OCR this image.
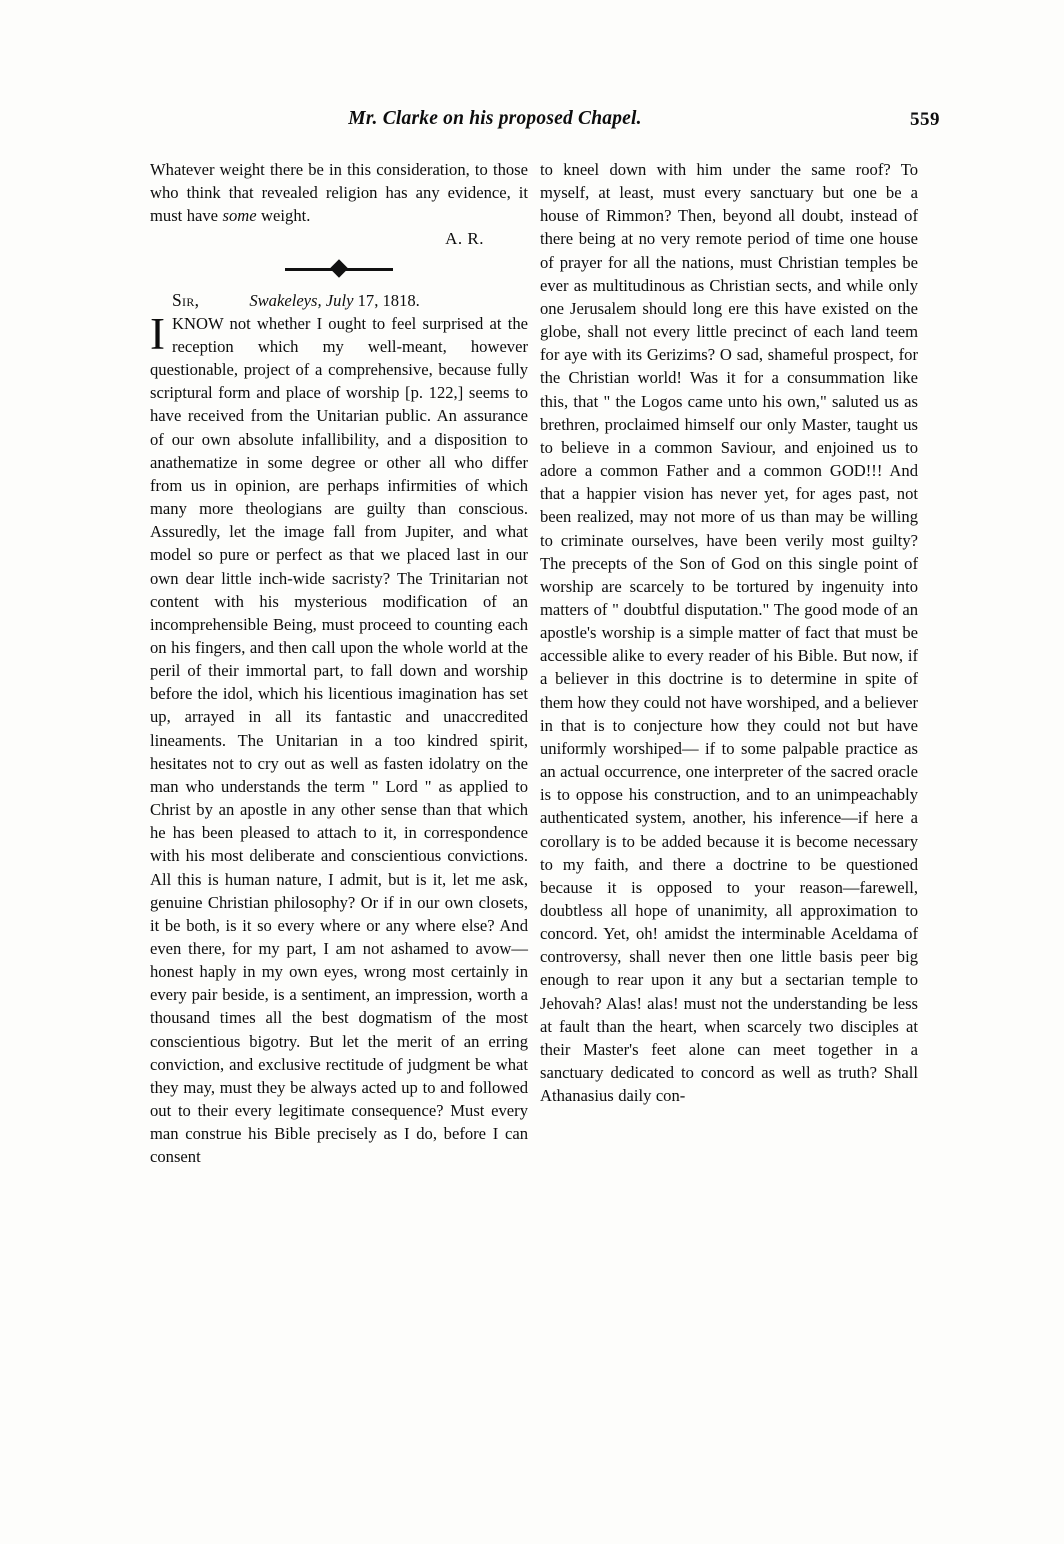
Mr. Clarke on his proposed Chapel.	559

Whatever weight there be in this consideration, to those who think that revealed religion has any evidence, it must have some weight.

A. R.

Sir,	Swakeleys, July
17, 1818.
I KNOW not whether I ought to feel surprised at the reception which my well-meant, however questionable, project of a comprehensive, because fully scriptural form and place of worship [p. 122,] seems to have received from the Unitarian public. An assurance of our own absolute infallibility, and a disposition to anathematize in some degree or other all who differ from us in opinion, are perhaps infirmities of which many more theologians are guilty than conscious. Assuredly, let the image fall from Jupiter, and what model so pure or perfect as that we placed last in our own dear little inch-wide sacristy? The Trinitarian not content with his mysterious modification of an incomprehensible Being, must proceed to counting each on his fingers, and then call upon the whole world at the peril of their immortal part, to fall down and worship before the idol, which his licentious imagination has set up, arrayed in all its fantastic and unaccredited lineaments. The Unitarian in a too kindred spirit, hesitates not to cry out as well as fasten idolatry on the man who understands the term " Lord " as applied to Christ by an apostle in any other sense than that which he has been pleased to attach to it, in correspondence with his most deliberate and conscientious convictions. All this is human nature, I admit, but is it, let me ask, genuine Christian philosophy? Or if in our own closets, it be both, is it so every where or any where else? And even there, for my part, I am not ashamed to avow— honest haply in my own eyes, wrong most certainly in every pair beside, is a sentiment, an impression, worth a thousand times all the best dogmatism of the most conscientious bigotry. But let the merit of an erring conviction, and exclusive rectitude of judgment be what they may, must they be always acted up to and followed out to their every legitimate consequence? Must every man construe his Bible precisely as I do, before I can consent

to kneel down with him under the same roof? To myself, at least, must every sanctuary but one be a house of Rimmon? Then, beyond all doubt, instead of there being at no very remote period of time one house of prayer for all the nations, must Christian temples be ever as multitudinous as Christian sects, and while only one Jerusalem should long ere this have existed on the globe, shall not every little precinct of each land teem for aye with its Gerizims? O sad, shameful prospect, for the Christian world! Was it for a consummation like this, that " the Logos came unto his own," saluted us as brethren, proclaimed himself our only Master, taught us to believe in a common Saviour, and enjoined us to adore a common Father and a common GOD!!! And that a happier vision has never yet, for ages past, not been realized, may not more of us than may be willing to criminate ourselves, have been verily most guilty? The precepts of the Son of God on this single point of worship are scarcely to be tortured by ingenuity into matters of " doubtful disputation." The good mode of an apostle's worship is a simple matter of fact that must be accessible alike to every reader of his Bible. But now, if a believer in this doctrine is to determine in spite of them how they could not have worshiped, and a believer in that is to conjecture how they could not but have uniformly worshiped— if to some palpable practice as an actual occurrence, one interpreter of the sacred oracle is to oppose his construction, and to an unimpeachably authenticated system, another, his inference—if here a corollary is to be added because it is become necessary to my faith, and there a doctrine to be questioned because it is opposed to your reason—farewell, doubtless all hope of unanimity, all approximation to concord. Yet, oh! amidst the interminable Aceldama of controversy, shall never then one little basis peer big enough to rear upon it any but a sectarian temple to Jehovah? Alas! alas! must not the understanding be less at fault than the heart, when scarcely two disciples at their Master's feet alone can meet together in a sanctuary dedicated to concord as well as truth? Shall Athanasius daily con-
